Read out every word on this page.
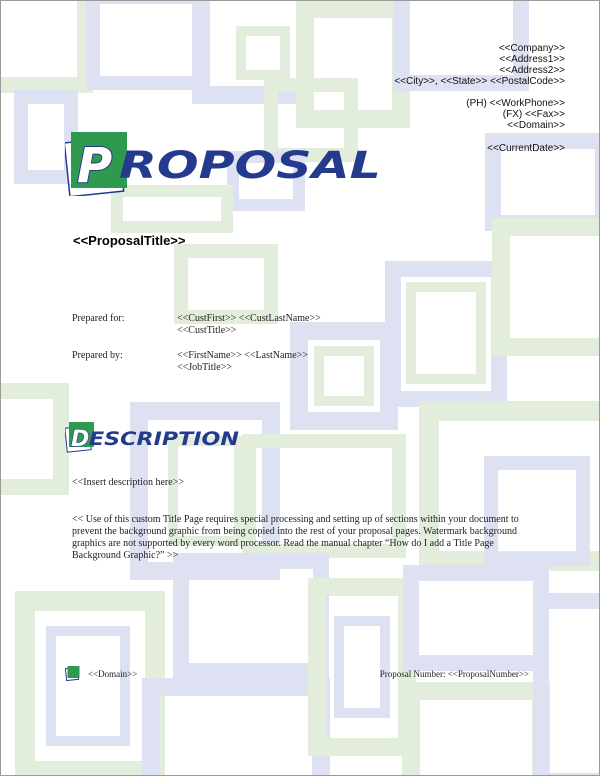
<<Company>>
<<Address1>>
<<Address2>>
<<City>>, <<State>> <<PostalCode>>
(PH) <<WorkPhone>>
(FX) <<Fax>>
<<Domain>>
<<CurrentDate>>
P ROPOSAL
<<ProposalTitle>>
Prepared for:	<<CustFirst>> <<CustLastName>>
<<CustTitle>>
Prepared by:	<<FirstName>> <<LastName>>
<<JobTitle>>
D ESCRIPTION
<<Insert description here>>
<< Use of this custom Title Page requires special processing and setting up of sections within your document to prevent the background graphic from being copied into the rest of your proposal pages. Watermark background graphics are not supported by every word processor. Read the manual chapter “How do I add a Title Page Background Graphic?” >>
<<Domain>>	Proposal Number: <<ProposalNumber>>
